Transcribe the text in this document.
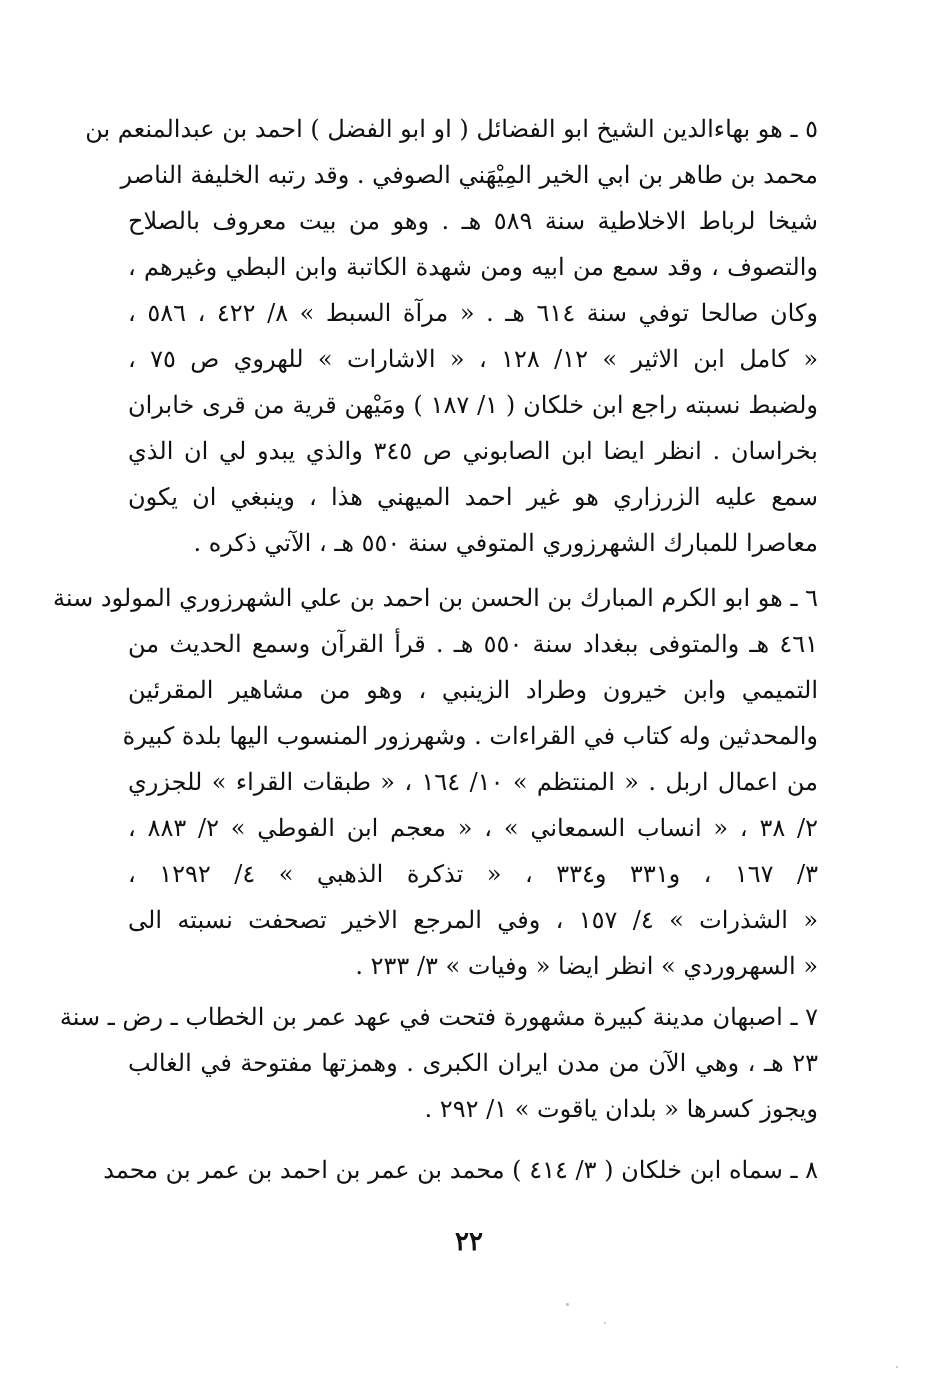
٥ ـ هو بهاءالدين الشيخ ابو الفضائل ( او ابو الفضل ) احمد بن عبدالمنعم بن
محمد بن طاهر بن ابي الخير المِيْهَني الصوفي . وقد رتبه الخليفة الناصر
شيخا لرباط الاخلاطية سنة ٥٨٩ هـ . وهو من بيت معروف بالصلاح
والتصوف ، وقد سمع من ابيه ومن شهدة الكاتبة وابن البطي وغيرهم ،
وكان صالحا توفي سنة ٦١٤ هـ . « مرآة السبط » ٨/ ٤٢٢ ، ٥٨٦ ،
« كامل ابن الاثير » ١٢/ ١٢٨ ، « الاشارات » للهروي ص ٧٥ ،
ولضبط نسبته راجع ابن خلكان ( ١/ ١٨٧ ) ومَيْهن قرية من قرى خابران
بخراسان . انظر ايضا ابن الصابوني ص ٣٤٥ والذي يبدو لي ان الذي
سمع عليه الزرزاري هو غير احمد الميهني هذا ، وينبغي ان يكون
معاصرا للمبارك الشهرزوري المتوفي سنة ٥٥٠ هـ ، الآتي ذكره .
٦ ـ هو ابو الكرم المبارك بن الحسن بن احمد بن علي الشهرزوري المولود سنة
٤٦١ هـ والمتوفى ببغداد سنة ٥٥٠ هـ . قرأ القرآن وسمع الحديث من
التميمي وابن خيرون وطراد الزينبي ، وهو من مشاهير المقرئين
والمحدثين وله كتاب في القراءات . وشهرزور المنسوب اليها بلدة كبيرة
من اعمال اربل . « المنتظم » ١٠/ ١٦٤ ، « طبقات القراء » للجزري
٢/ ٣٨ ، « انساب السمعاني » ، « معجم ابن الفوطي » ٢/ ٨٨٣ ،
٣/ ١٦٧ ، و٣٣١ و٣٣٤ ، « تذكرة الذهبي » ٤/ ١٢٩٢ ،
« الشذرات » ٤/ ١٥٧ ، وفي المرجع الاخير تصحفت نسبته الى
« السهروردي » انظر ايضا « وفيات » ٣/ ٢٣٣ .
٧ ـ اصبهان مدينة كبيرة مشهورة فتحت في عهد عمر بن الخطاب ـ رض ـ سنة
٢٣ هـ ، وهي الآن من مدن ايران الكبرى . وهمزتها مفتوحة في الغالب
ويجوز كسرها « بلدان ياقوت » ١/ ٢٩٢ .
٨ ـ سماه ابن خلكان ( ٣/ ٤١٤ ) محمد بن عمر بن احمد بن عمر بن محمد
٢٢
